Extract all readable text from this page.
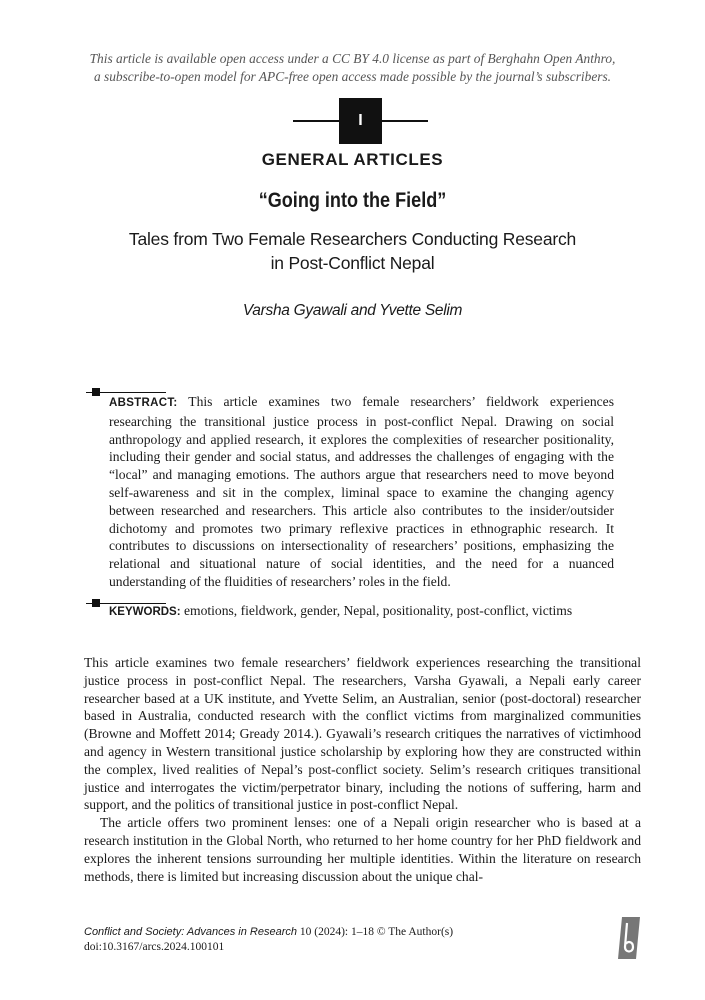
This article is available open access under a CC BY 4.0 license as part of Berghahn Open Anthro,
a subscribe-to-open model for APC-free open access made possible by the journal’s subscribers.
I
GENERAL ARTICLES
“Going into the Field”
Tales from Two Female Researchers Conducting Research
in Post-Conflict Nepal
Varsha Gyawali and Yvette Selim
ABSTRACT: This article examines two female researchers’ fieldwork experiences researching the transitional justice process in post-conflict Nepal. Drawing on social anthropology and applied research, it explores the complexities of researcher positionality, including their gender and social status, and addresses the challenges of engaging with the “local” and managing emotions. The authors argue that researchers need to move beyond self-awareness and sit in the complex, liminal space to examine the changing agency between researched and researchers. This article also contributes to the insider/outsider dichotomy and promotes two primary reflexive practices in ethnographic research. It contributes to discussions on intersectionality of researchers’ positions, emphasizing the relational and situational nature of social identities, and the need for a nuanced understanding of the fluidities of researchers’ roles in the field.
KEYWORDS: emotions, fieldwork, gender, Nepal, positionality, post-conflict, victims

This article examines two female researchers’ fieldwork experiences researching the transitional justice process in post-conflict Nepal. The researchers, Varsha Gyawali, a Nepali early career researcher based at a UK institute, and Yvette Selim, an Australian, senior (post-doctoral) researcher based in Australia, conducted research with the conflict victims from marginalized communities (Browne and Moffett 2014; Gready 2014.). Gyawali’s research critiques the narratives of victimhood and agency in Western transitional justice scholarship by exploring how they are constructed within the complex, lived realities of Nepal’s post-conflict society. Selim’s research critiques transitional justice and interrogates the victim/perpetrator binary, including the notions of suffering, harm and support, and the politics of transitional justice in post-conflict Nepal.

The article offers two prominent lenses: one of a Nepali origin researcher who is based at a research institution in the Global North, who returned to her home country for her PhD fieldwork and explores the inherent tensions surrounding her multiple identities. Within the literature on research methods, there is limited but increasing discussion about the unique chal-

Conflict and Society: Advances in Research 10 (2024): 1–18 © The Author(s)
doi:10.3167/arcs.2024.100101
